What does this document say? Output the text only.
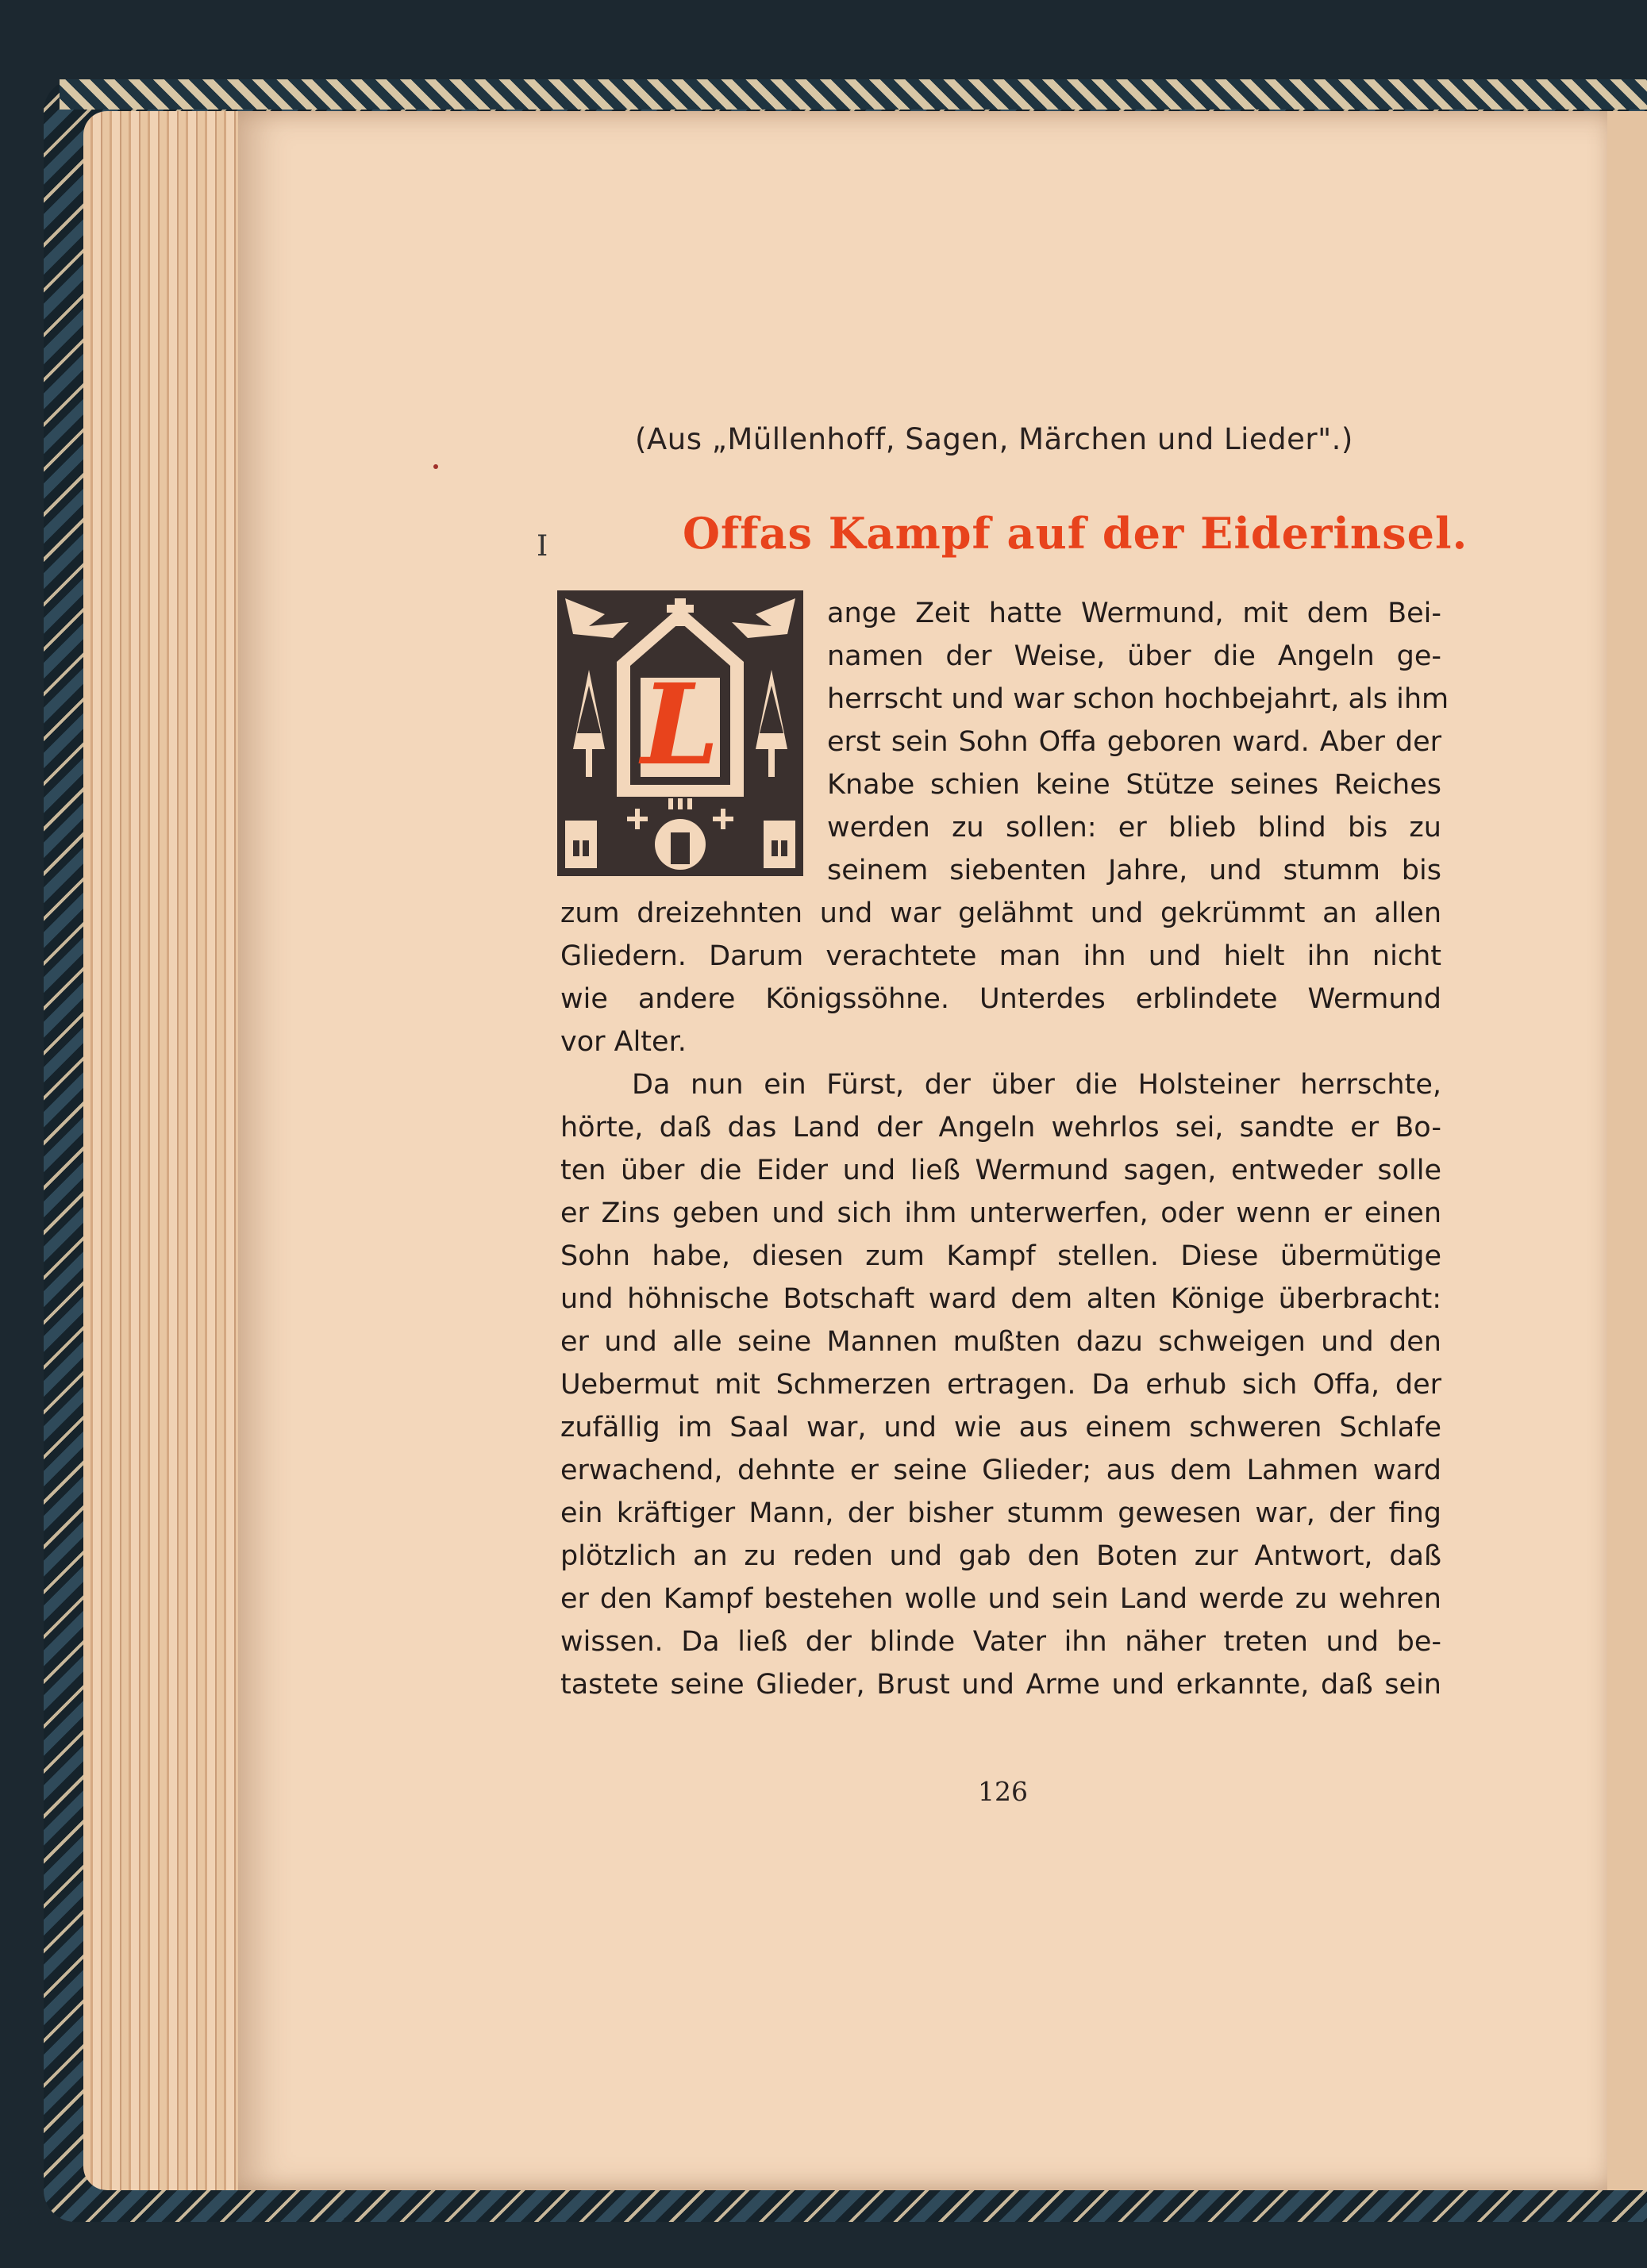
(Aus „Müllenhoff, Sagen, Märchen und Lieder".)
I	Offas Kampf auf der Eiderinsel.
L
ange Zeit hatte Wermund, mit dem Bei-
namen der Weise, über die Angeln ge-
herrscht und war schon hochbejahrt, als ihm
erst sein Sohn Offa geboren ward. Aber der
Knabe schien keine Stütze seines Reiches
werden zu sollen: er blieb blind bis zu
seinem siebenten Jahre, und stumm bis
zum dreizehnten und war gelähmt und gekrümmt an allen
Gliedern. Darum verachtete man ihn und hielt ihn nicht
wie andere Königssöhne. Unterdes erblindete Wermund
vor Alter.
Da nun ein Fürst, der über die Holsteiner herrschte,
hörte, daß das Land der Angeln wehrlos sei, sandte er Bo-
ten über die Eider und ließ Wermund sagen, entweder solle
er Zins geben und sich ihm unterwerfen, oder wenn er einen
Sohn habe, diesen zum Kampf stellen. Diese übermütige
und höhnische Botschaft ward dem alten Könige überbracht:
er und alle seine Mannen mußten dazu schweigen und den
Uebermut mit Schmerzen ertragen. Da erhub sich Offa, der
zufällig im Saal war, und wie aus einem schweren Schlafe
erwachend, dehnte er seine Glieder; aus dem Lahmen ward
ein kräftiger Mann, der bisher stumm gewesen war, der fing
plötzlich an zu reden und gab den Boten zur Antwort, daß
er den Kampf bestehen wolle und sein Land werde zu wehren
wissen. Da ließ der blinde Vater ihn näher treten und be-
tastete seine Glieder, Brust und Arme und erkannte, daß sein
126
